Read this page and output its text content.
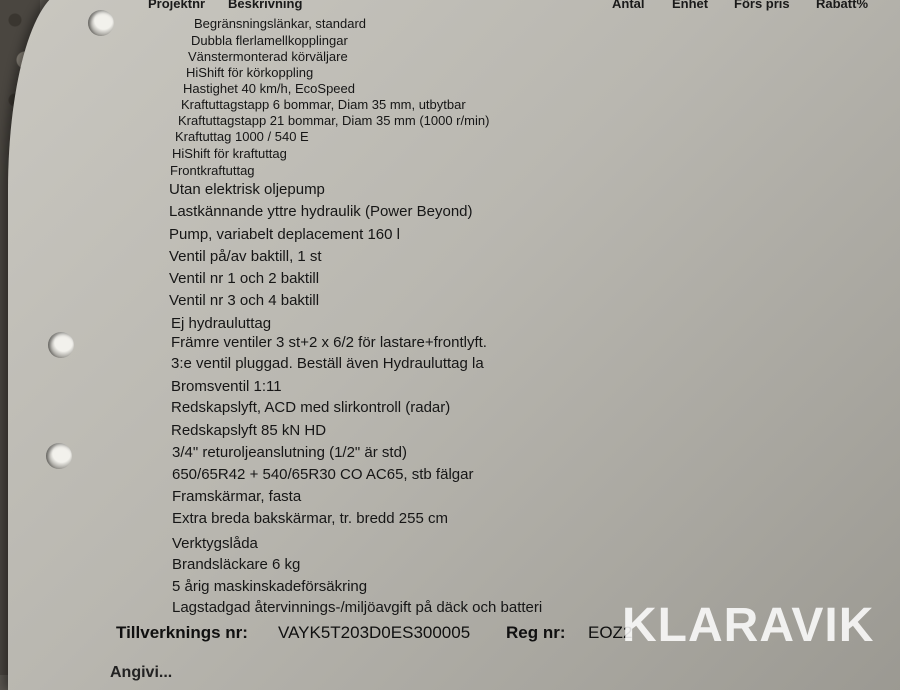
Projektnr Beskrivning	Antal Enhet Förs pris Rabatt%
Begränsningslänkar, standard
Dubbla flerlamellkopplingar
Vänstermonterad körväljare
HiShift för körkoppling
Hastighet 40 km/h, EcoSpeed
Kraftuttagstapp 6 bommar, Diam 35 mm, utbytbar
Kraftuttagstapp 21 bommar, Diam 35 mm (1000 r/min)
Kraftuttag 1000 / 540 E
HiShift för kraftuttag
Frontkraftuttag
Utan elektrisk oljepump
Lastkännande yttre hydraulik (Power Beyond)
Pump, variabelt deplacement 160 l
Ventil på/av baktill, 1 st
Ventil nr 1 och 2 baktill
Ventil nr 3 och 4 baktill
Ej hydrauluttag
Främre ventiler 3 st+2 x 6/2 för lastare+frontlyft.
3:e ventil pluggad. Beställ även Hydrauluttag la
Bromsventil 1:11
Redskapslyft, ACD med slirkontroll (radar)
Redskapslyft 85 kN HD
3/4" returoljeanslutning (1/2" är std)
650/65R42 + 540/65R30 CO AC65, stb fälgar
Framskärmar, fasta
Extra breda bakskärmar, tr. bredd 255 cm
Verktygslåda
Brandsläckare 6 kg
5 årig maskinskadeförsäkring
Lagstadgad återvinnings-/miljöavgift på däck och batteri
Tillverknings nr: VAYK5T203D0ES300005 Reg nr: EOZ2
Angivi...
KLARAVIK
